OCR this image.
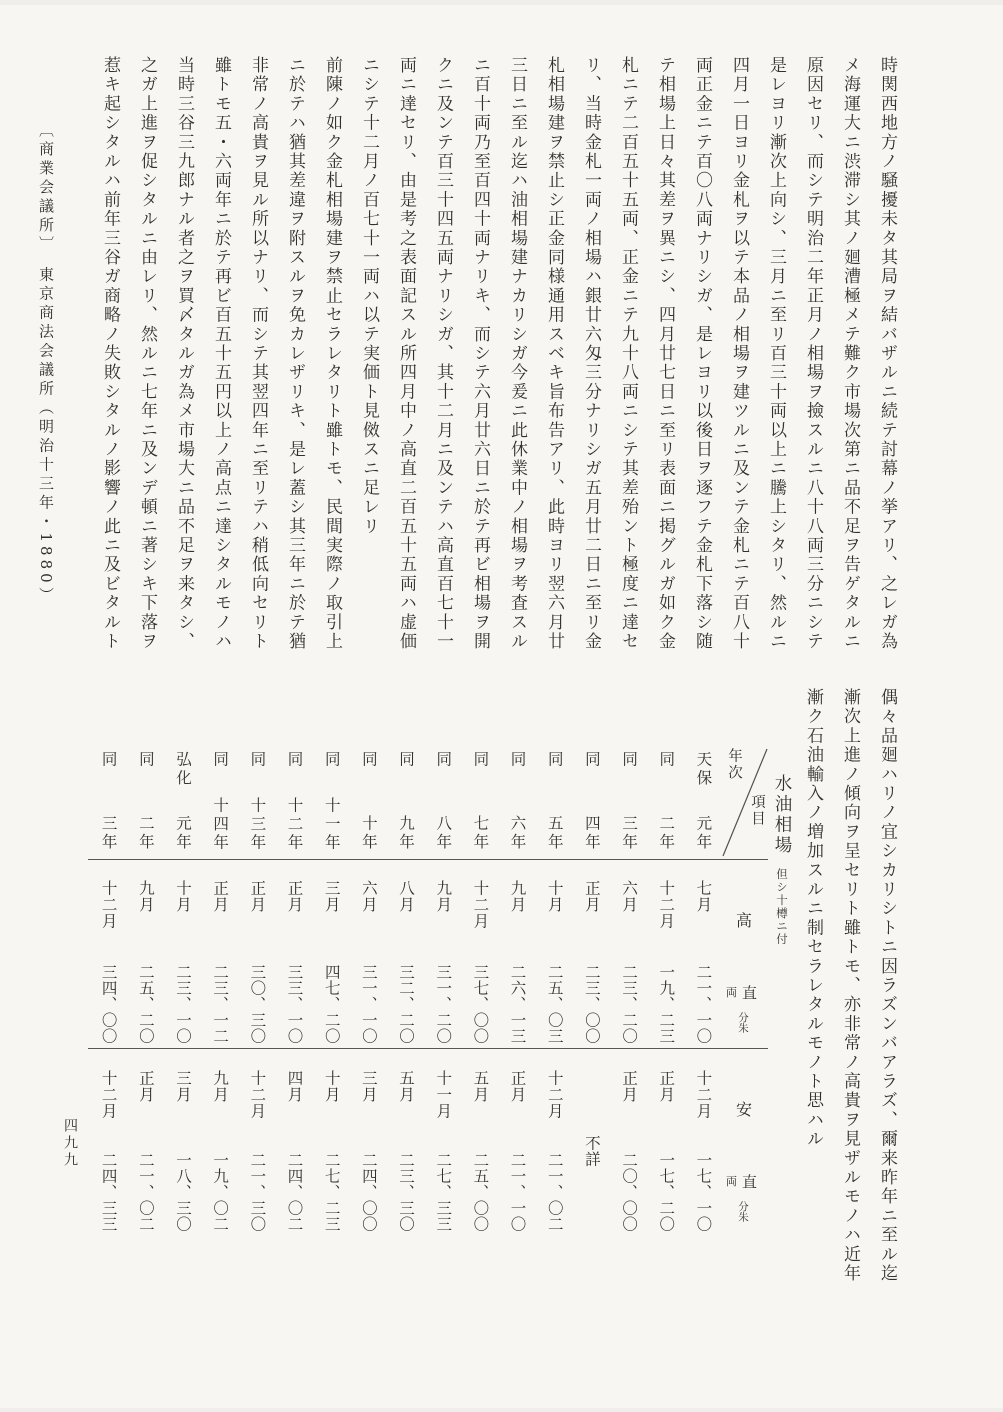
時関西地方ノ騒擾未タ其局ヲ結バザルニ続テ討幕ノ挙アリ、之レガ為
メ海運大ニ渋滞シ其ノ廻漕極メテ難ク市場次第ニ品不足ヲ告ゲタルニ
原因セリ、而シテ明治二年正月ノ相場ヲ撿スルニ八十八両三分ニシテ
是レヨリ漸次上向シ、三月ニ至リ百三十両以上ニ騰上シタリ、然ルニ
四月一日ヨリ金札ヲ以テ本品ノ相場ヲ建ツルニ及ンテ金札ニテ百八十
両正金ニテ百〇八両ナリシガ、是レヨリ以後日ヲ逐フテ金札下落シ随
テ相場上日々其差ヲ異ニシ、四月廿七日ニ至リ表面ニ掲グルガ如ク金
札ニテ二百五十五両、正金ニテ九十八両ニシテ其差殆ント極度ニ達セ
リ、当時金札一両ノ相場ハ銀廿六匁三分ナリシガ五月廿二日ニ至リ金
札相場建ヲ禁止シ正金同様通用スベキ旨布告アリ、此時ヨリ翌六月廿
三日ニ至ル迄ハ油相場建ナカリシガ今爰ニ此休業中ノ相場ヲ考査スル
ニ百十両乃至百四十両ナリキ、而シテ六月廿六日ニ於テ再ビ相場ヲ開
クニ及ンテ百三十四五両ナリシガ、其十二月ニ及ンテハ高直百七十一
両ニ達セリ、由是考之表面記スル所四月中ノ高直二百五十五両ハ虚価
ニシテ十二月ノ百七十一両ハ以テ実価ト見傚スニ足レリ
前陳ノ如ク金札相場建ヲ禁止セラレタリト雖トモ、民間実際ノ取引上
ニ於テハ猶其差違ヲ附スルヲ免カレザリキ、是レ蓋シ其三年ニ於テ猶
非常ノ高貴ヲ見ル所以ナリ、而シテ其翌四年ニ至リテハ稍低向セリト
雖トモ五・六両年ニ於テ再ビ百五十五円以上ノ高点ニ達シタルモノハ
当時三谷三九郎ナル者之ヲ買〆タルガ為メ市場大ニ品不足ヲ来タシ、
之ガ上進ヲ促シタルニ由レリ、然ルニ七年ニ及ンデ頓ニ著シキ下落ヲ
惹キ起シタルハ前年三谷ガ商略ノ失敗シタルノ影響ノ此ニ及ビタルト
〔商業会議所〕　東京商法会議所（明治十三年・1880）
偶々品廻ハリノ宜シカリシトニ因ラズンバアラズ、爾来昨年ニ至ル迄
漸次上進ノ傾向ヲ呈セリト雖トモ、亦非常ノ高貴ヲ見ザルモノハ近年
漸ク石油輸入ノ増加スルニ制セラレタルモノト思ハル
水油相場
但シ十樽ニ付
年次
項目
高
両 直
分朱
安
両 直
分朱
天保
元年
七月
二一、一〇
十二月
一七、一〇
同
二年
十二月
一九、二三
正月
一七、二〇
同
三年
六月
二三、二〇
正月
二〇、〇〇
同
四年
正月
二三、〇〇
不詳
同
五年
十月
二五、〇三
十二月
二一、〇二
同
六年
九月
二六、一三
正月
二一、一〇
同
七年
十二月
三七、〇〇
五月
二五、〇〇
同
八年
九月
三一、二〇
十一月
二七、三三
同
九年
八月
三二、二〇
五月
二三、三〇
同
十年
六月
三一、一〇
三月
二四、〇〇
同
十一年
三月
四七、二〇
十月
二七、二三
同
十二年
正月
三三、一〇
四月
二四、〇二
同
十三年
正月
三〇、三〇
十二月
二一、三〇
同
十四年
正月
二三、一二
九月
一九、〇二
弘化
元年
十月
二三、一〇
三月
一八、三〇
同
二年
九月
二五、二〇
正月
二一、〇二
同
三年
十二月
三四、〇〇
十二月
二四、三三
四九九
